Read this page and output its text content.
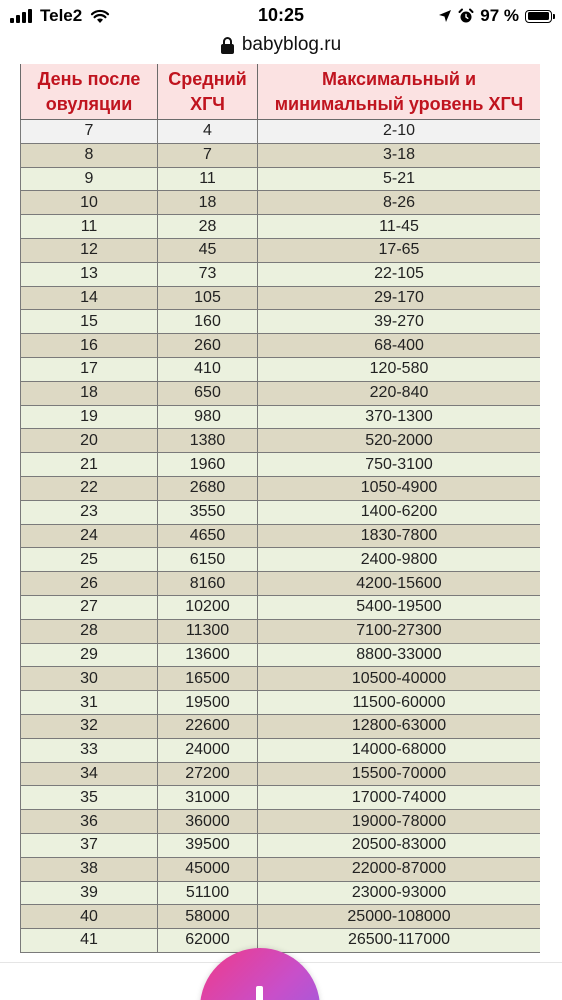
Tele2	10:25	97 %
babyblog.ru
День после овуляции	Средний ХГЧ	Максимальный и минимальный уровень ХГЧ
7	4	2-10
8	7	3-18
9	11	5-21
10	18	8-26
11	28	11-45
12	45	17-65
13	73	22-105
14	105	29-170
15	160	39-270
16	260	68-400
17	410	120-580
18	650	220-840
19	980	370-1300
20	1380	520-2000
21	1960	750-3100
22	2680	1050-4900
23	3550	1400-6200
24	4650	1830-7800
25	6150	2400-9800
26	8160	4200-15600
27	10200	5400-19500
28	11300	7100-27300
29	13600	8800-33000
30	16500	10500-40000
31	19500	11500-60000
32	22600	12800-63000
33	24000	14000-68000
34	27200	15500-70000
35	31000	17000-74000
36	36000	19000-78000
37	39500	20500-83000
38	45000	22000-87000
39	51100	23000-93000
40	58000	25000-108000
41	62000	26500-117000
